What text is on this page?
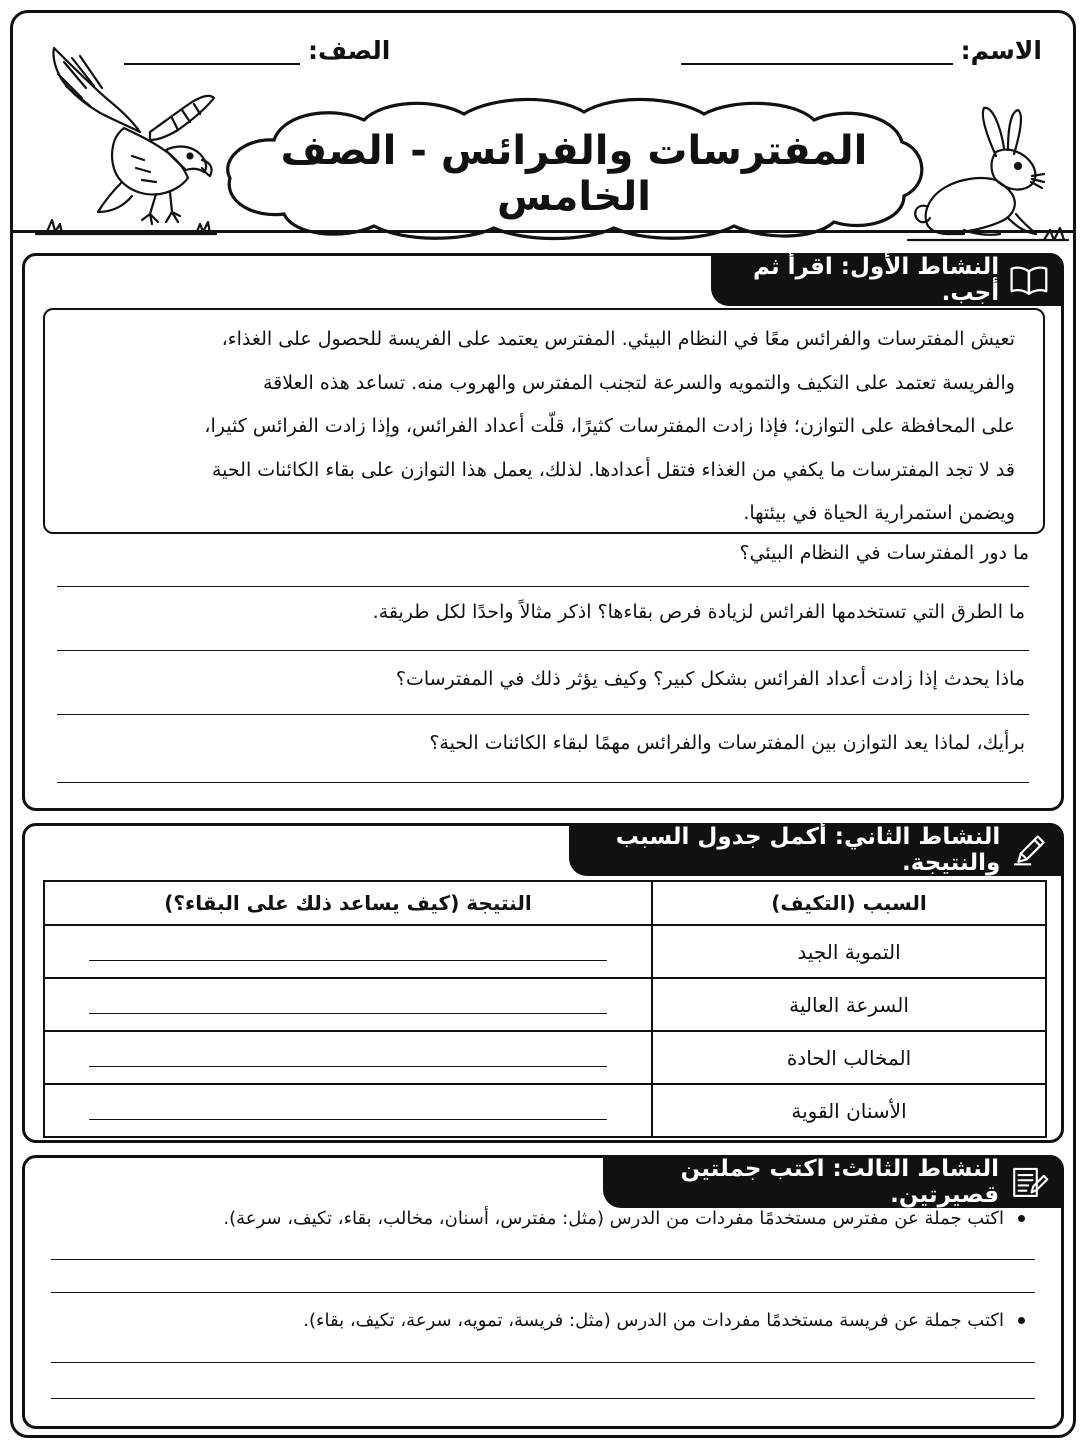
الاسم:
الصف:
المفترسات والفرائس - الصف الخامس
النشاط الأول: اقرأ ثم أجب.
تعيش المفترسات والفرائس معًا في النظام البيئي. المفترس يعتمد على الفريسة للحصول على الغذاء،
والفريسة تعتمد على التكيف والتمويه والسرعة لتجنب المفترس والهروب منه. تساعد هذه العلاقة
على المحافظة على التوازن؛ فإذا زادت المفترسات كثيرًا، قلّت أعداد الفرائس، وإذا زادت الفرائس كثيرا،
قد لا تجد المفترسات ما يكفي من الغذاء فتقل أعدادها. لذلك، يعمل هذا التوازن على بقاء الكائنات الحية
ويضمن استمرارية الحياة في بيئتها.
ما دور المفترسات في النظام البيئي؟
ما الطرق التي تستخدمها الفرائس لزيادة فرص بقاءها؟ اذكر مثالاً واحدًا لكل طريقة.
ماذا يحدث إذا زادت أعداد الفرائس بشكل كبير؟ وكيف يؤثر ذلك في المفترسات؟
برأيك، لماذا يعد التوازن بين المفترسات والفرائس مهمًا لبقاء الكائنات الحية؟
النشاط الثاني: أكمل جدول السبب والنتيجة.
السبب (التكيف)	النتيجة (كيف يساعد ذلك على البقاء؟)
التموية الجيد	
السرعة العالية	
المخالب الحادة	
الأسنان القوية	
النشاط الثالث: اكتب جملتين قصيرتين.
اكتب جملة عن مفترس مستخدمًا مفردات من الدرس (مثل: مفترس، أسنان، مخالب، بقاء، تكيف، سرعة).
اكتب جملة عن فريسة مستخدمًا مفردات من الدرس (مثل: فريسة، تمويه، سرعة، تكيف، بقاء).
